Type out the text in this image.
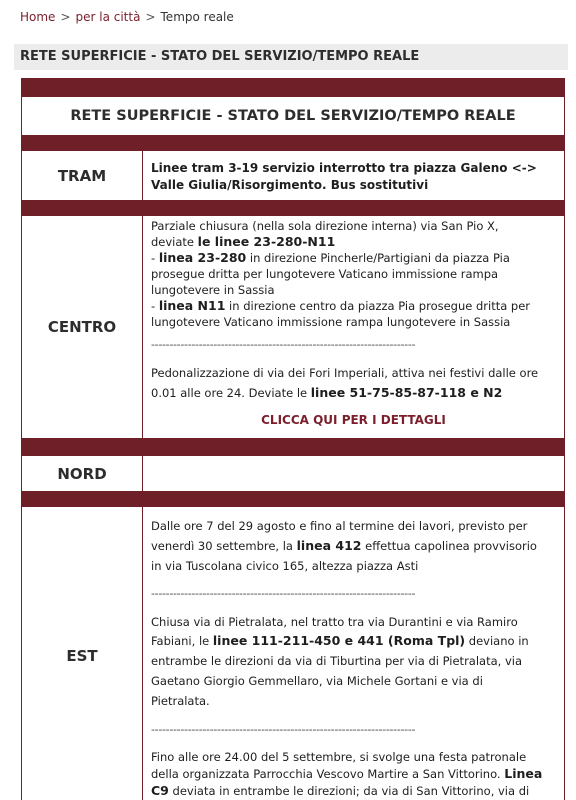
Home > per la città > Tempo reale
RETE SUPERFICIE - STATO DEL SERVIZIO/TEMPO REALE
RETE SUPERFICIE - STATO DEL SERVIZIO/TEMPO REALE
TRAM	Linee tram 3-19 servizio interrotto tra piazza Galeno <->
Valle Giulia/Risorgimento. Bus sostitutivi
CENTRO
Parziale chiusura (nella sola direzione interna) via San Pio X,
deviate le linee 23-280-N11
- linea 23-280 in direzione Pincherle/Partigiani da piazza Pia
prosegue dritta per lungotevere Vaticano immissione rampa
lungotevere in Sassia
- linea N11 in direzione centro da piazza Pia prosegue dritta per
lungotevere Vaticano immissione rampa lungotevere in Sassia
------------------------------------------------------------------------
Pedonalizzazione di via dei Fori Imperiali, attiva nei festivi dalle ore
0.01 alle ore 24. Deviate le linee 51-75-85-87-118 e N2
CLICCA QUI PER I DETTAGLI
NORD
EST
Dalle ore 7 del 29 agosto e fino al termine dei lavori, previsto per
venerdì 30 settembre, la linea 412 effettua capolinea provvisorio
in via Tuscolana civico 165, altezza piazza Asti
------------------------------------------------------------------------
Chiusa via di Pietralata, nel tratto tra via Durantini e via Ramiro
Fabiani, le linee 111-211-450 e 441 (Roma Tpl) deviano in
entrambe le direzioni da via di Tiburtina per via di Pietralata, via
Gaetano Giorgio Gemmellaro, via Michele Gortani e via di
Pietralata.
------------------------------------------------------------------------
Fino alle ore 24.00 del 5 settembre, si svolge una festa patronale
della organizzata Parrocchia Vescovo Martire a San Vittorino. Linea
C9 deviata in entrambe le direzioni; da via di San Vittorino, via di
